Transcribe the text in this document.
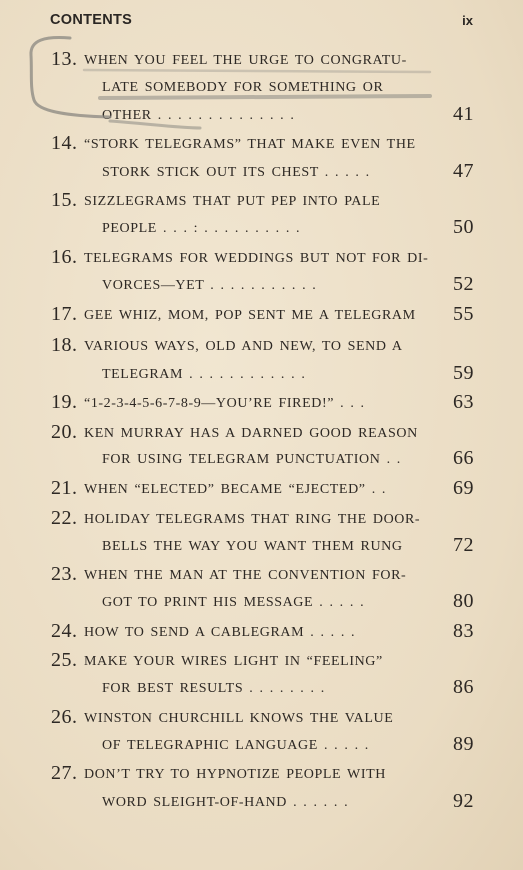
CONTENTS	ix
13. WHEN YOU FEEL THE URGE TO CONGRATU-
LATE SOMEBODY FOR SOMETHING OR
OTHER . . . . . . . . . . . . . .	41
14. “STORK TELEGRAMS” THAT MAKE EVEN THE
STORK STICK OUT ITS CHEST . . . . .	47
15. SIZZLEGRAMS THAT PUT PEP INTO PALE
PEOPLE . . . : . . . . . . . . . .	50
16. TELEGRAMS FOR WEDDINGS BUT NOT FOR DI-
VORCES—YET . . . . . . . . . . .	52
17. GEE WHIZ, MOM, POP SENT ME A TELEGRAM 55
18. VARIOUS WAYS, OLD AND NEW, TO SEND A
TELEGRAM . . . . . . . . . . . .	59
19. “1-2-3-4-5-6-7-8-9—YOU’RE FIRED!” . . .	63
20. KEN MURRAY HAS A DARNED GOOD REASON
FOR USING TELEGRAM PUNCTUATION . .	66
21. WHEN “ELECTED” BECAME “EJECTED” . .	69
22. HOLIDAY TELEGRAMS THAT RING THE DOOR-
BELLS THE WAY YOU WANT THEM RUNG	72
23. WHEN THE MAN AT THE CONVENTION FOR-
GOT TO PRINT HIS MESSAGE . . . . .	80
24. HOW TO SEND A CABLEGRAM . . . . .	83
25. MAKE YOUR WIRES LIGHT IN “FEELING”
FOR BEST RESULTS . . . . . . . .	86
26. WINSTON CHURCHILL KNOWS THE VALUE
OF TELEGRAPHIC LANGUAGE . . . . .	89
27. DON’T TRY TO HYPNOTIZE PEOPLE WITH
WORD SLEIGHT-OF-HAND . . . . . .	92
